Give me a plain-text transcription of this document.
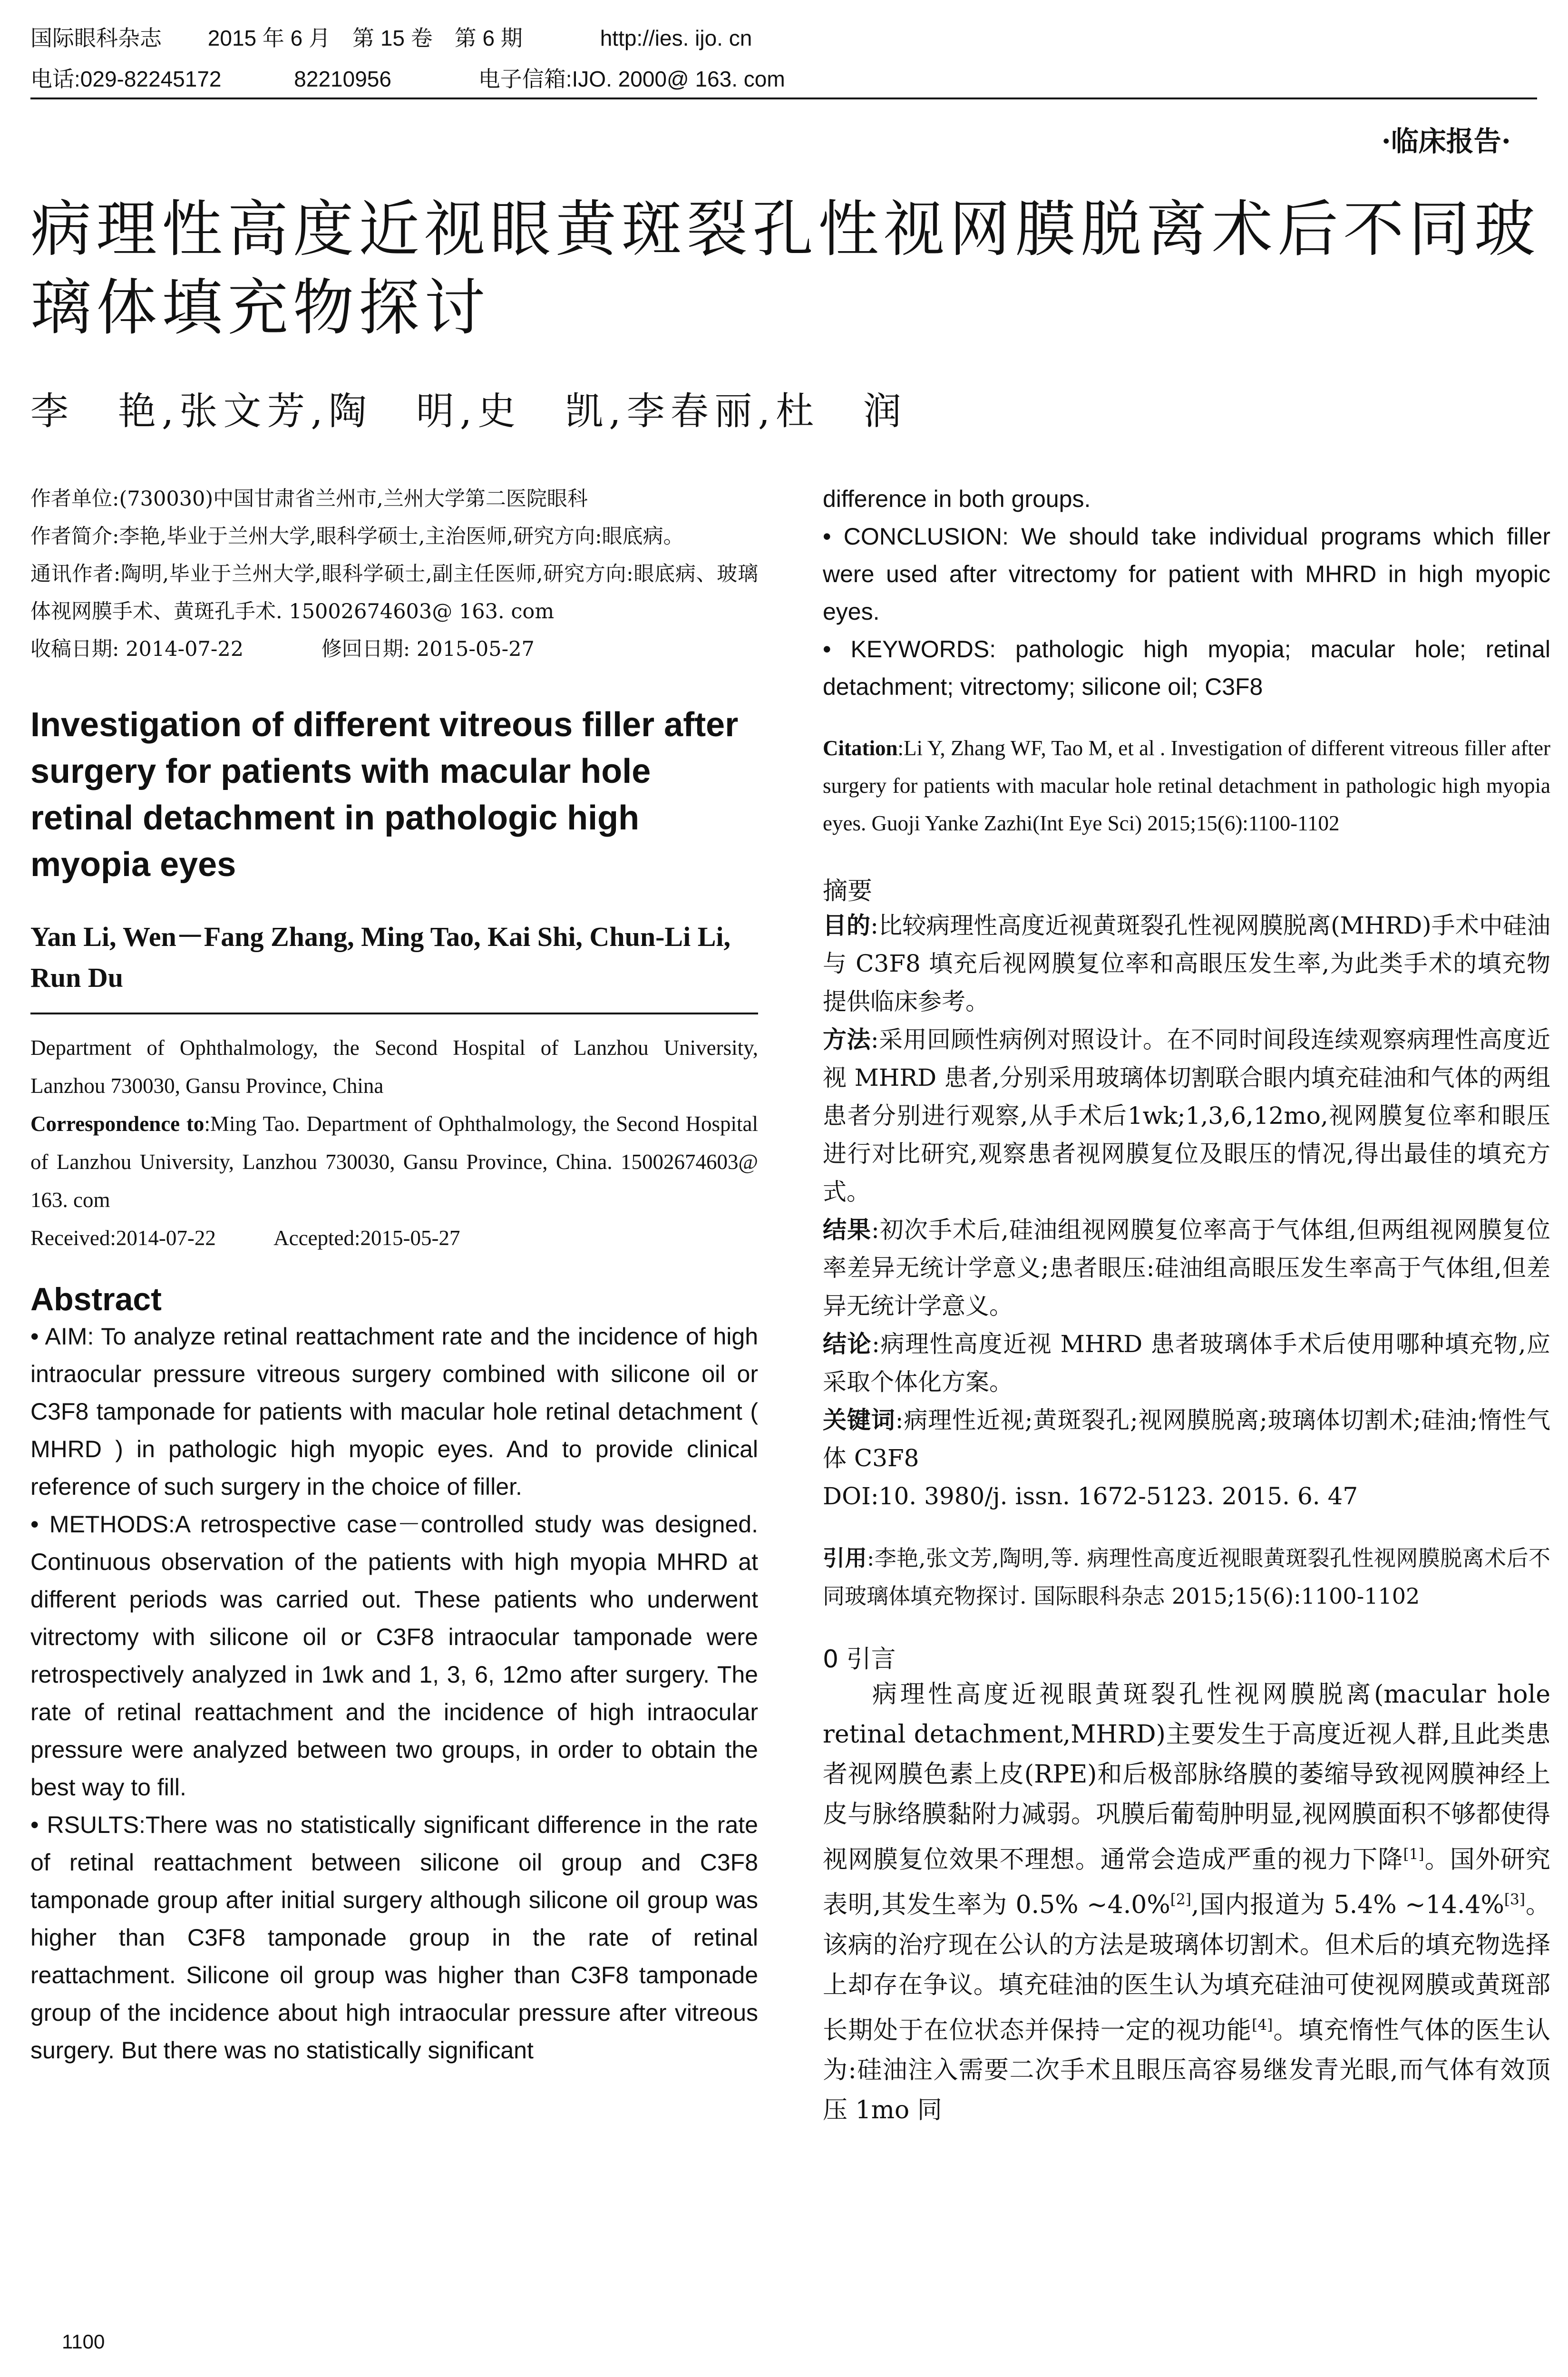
国际眼科杂志 2015 年 6 月　第 15 卷　第 6 期	http://ies. ijo. cn
电话:029-82245172	82210956	电子信箱:IJO. 2000@ 163. com
·临床报告·
病理性高度近视眼黄斑裂孔性视网膜脱离术后不同玻璃体填充物探讨
李　艳,张文芳,陶　明,史　凯,李春丽,杜　润

作者单位:(730030)中国甘肃省兰州市,兰州大学第二医院眼科

作者简介:李艳,毕业于兰州大学,眼科学硕士,主治医师,研究方向:眼底病。

通讯作者:陶明,毕业于兰州大学,眼科学硕士,副主任医师,研究方向:眼底病、玻璃体视网膜手术、黄斑孔手术. 15002674603@ 163. com

收稿日期: 2014-07-22	修回日期: 2015-05-27

Investigation of different vitreous filler after surgery for patients with macular hole retinal detachment in pathologic high myopia eyes

Yan Li, Wen－Fang Zhang, Ming Tao, Kai Shi, Chun-Li Li, Run Du

Department of Ophthalmology, the Second Hospital of Lanzhou University, Lanzhou 730030, Gansu Province, China

Correspondence to:Ming Tao. Department of Ophthalmology, the Second Hospital of Lanzhou University, Lanzhou 730030, Gansu Province, China. 15002674603@ 163. com

Received:2014-07-22	Accepted:2015-05-27

Abstract

• AIM: To analyze retinal reattachment rate and the incidence of high intraocular pressure vitreous surgery combined with silicone oil or C3F8 tamponade for patients with macular hole retinal detachment ( MHRD ) in pathologic high myopic eyes. And to provide clinical reference of such surgery in the choice of filler.

• METHODS:A retrospective case－controlled study was designed. Continuous observation of the patients with high myopia MHRD at different periods was carried out. These patients who underwent vitrectomy with silicone oil or C3F8 intraocular tamponade were retrospectively analyzed in 1wk and 1, 3, 6, 12mo after surgery. The rate of retinal reattachment and the incidence of high intraocular pressure were analyzed between two groups, in order to obtain the best way to fill.

• RSULTS:There was no statistically significant difference in the rate of retinal reattachment between silicone oil group and C3F8 tamponade group after initial surgery although silicone oil group was higher than C3F8 tamponade group in the rate of retinal reattachment. Silicone oil group was higher than C3F8 tamponade group of the incidence about high intraocular pressure after vitreous surgery. But there was no statistically significant

difference in both groups.

• CONCLUSION: We should take individual programs which filler were used after vitrectomy for patient with MHRD in high myopic eyes.

• KEYWORDS: pathologic high myopia; macular hole; retinal detachment; vitrectomy; silicone oil; C3F8

Citation:Li Y, Zhang WF, Tao M, et al . Investigation of different vitreous filler after surgery for patients with macular hole retinal detachment in pathologic high myopia eyes. Guoji Yanke Zazhi(Int Eye Sci) 2015;15(6):1100-1102

摘要

目的:比较病理性高度近视黄斑裂孔性视网膜脱离(MHRD)手术中硅油与 C3F8 填充后视网膜复位率和高眼压发生率,为此类手术的填充物提供临床参考。

方法:采用回顾性病例对照设计。在不同时间段连续观察病理性高度近视 MHRD 患者,分别采用玻璃体切割联合眼内填充硅油和气体的两组患者分别进行观察,从手术后1wk;1,3,6,12mo,视网膜复位率和眼压进行对比研究,观察患者视网膜复位及眼压的情况,得出最佳的填充方式。

结果:初次手术后,硅油组视网膜复位率高于气体组,但两组视网膜复位率差异无统计学意义;患者眼压:硅油组高眼压发生率高于气体组,但差异无统计学意义。

结论:病理性高度近视 MHRD 患者玻璃体手术后使用哪种填充物,应采取个体化方案。

关键词:病理性近视;黄斑裂孔;视网膜脱离;玻璃体切割术;硅油;惰性气体 C3F8

DOI:10. 3980/j. issn. 1672-5123. 2015. 6. 47

引用:李艳,张文芳,陶明,等. 病理性高度近视眼黄斑裂孔性视网膜脱离术后不同玻璃体填充物探讨. 国际眼科杂志 2015;15(6):1100-1102

0 引言

病理性高度近视眼黄斑裂孔性视网膜脱离(macular hole retinal detachment,MHRD)主要发生于高度近视人群,且此类患者视网膜色素上皮(RPE)和后极部脉络膜的萎缩导致视网膜神经上皮与脉络膜黏附力减弱。巩膜后葡萄肿明显,视网膜面积不够都使得视网膜复位效果不理想。通常会造成严重的视力下降[1]。国外研究表明,其发生率为 0.5% ~4.0%[2],国内报道为 5.4% ~14.4%[3]。该病的治疗现在公认的方法是玻璃体切割术。但术后的填充物选择上却存在争议。填充硅油的医生认为填充硅油可使视网膜或黄斑部长期处于在位状态并保持一定的视功能[4]。填充惰性气体的医生认为:硅油注入需要二次手术且眼压高容易继发青光眼,而气体有效顶压 1mo 同

1100
